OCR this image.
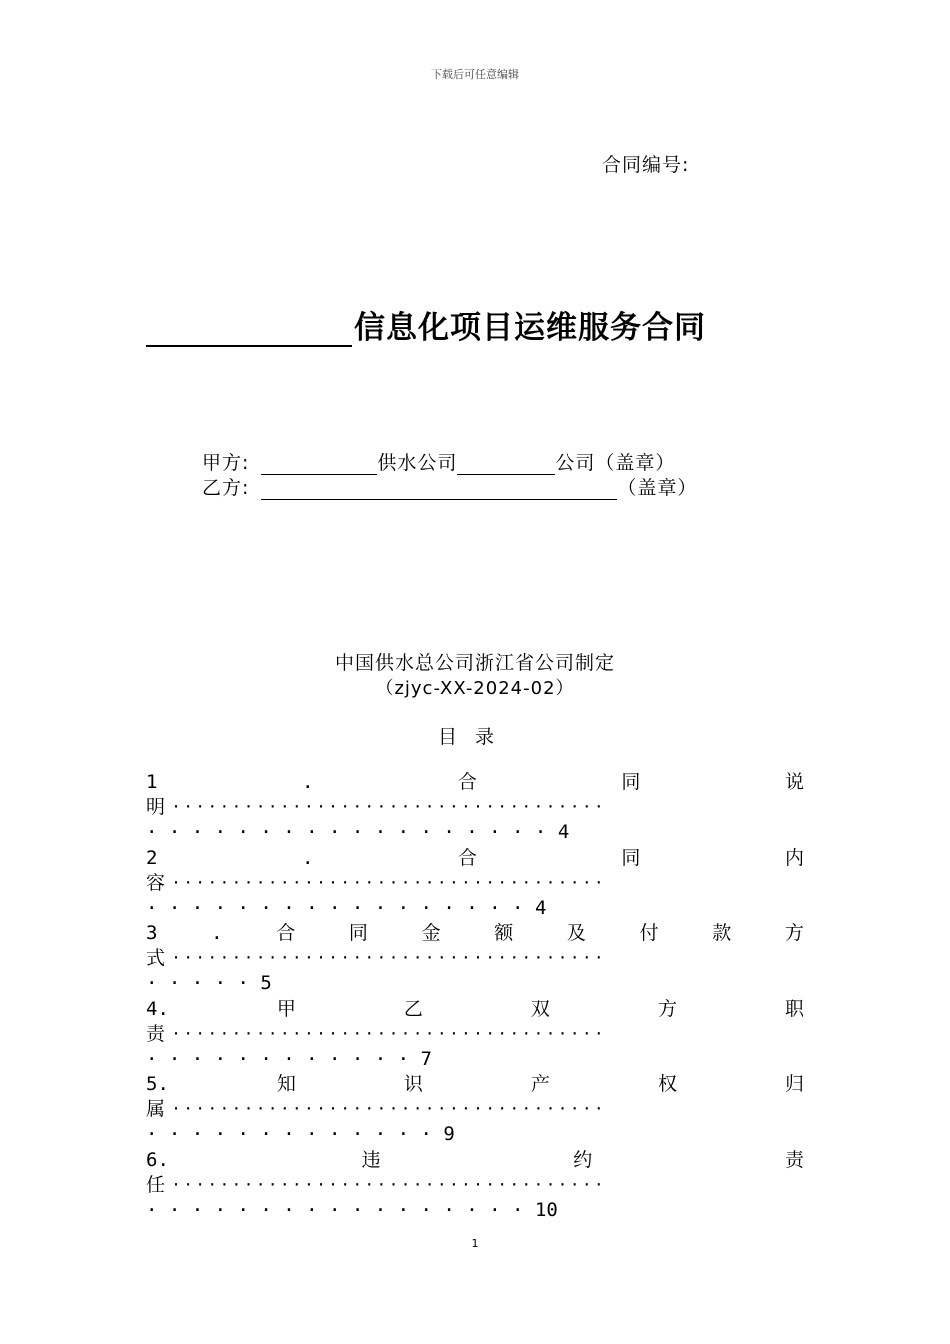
下载后可任意编辑
合同编号:
信息化项目运维服务合同
甲方:	供水公司	公司（盖章）
乙方:	（盖章）
中国供水总公司浙江省公司制定
（zjyc-XX-2024-02）
目录
1	.	合	同	说
明 · · · · · · · · · · · · · · · · · · · · · · · · · · · · · · · · · · · ·
· · · · · · · · · · · · · · · · · · 4
2	.	合	同	内
容 · · · · · · · · · · · · · · · · · · · · · · · · · · · · · · · · · · · ·
· · · · · · · · · · · · · · · · · 4
3	.	合	同	金	额	及	付	款	方
式 · · · · · · · · · · · · · · · · · · · · · · · · · · · · · · · · · · · ·
· · · · · 5
4.	甲	乙	双	方	职
责 · · · · · · · · · · · · · · · · · · · · · · · · · · · · · · · · · · · ·
· · · · · · · · · · · · 7
5.	知	识	产	权	归
属 · · · · · · · · · · · · · · · · · · · · · · · · · · · · · · · · · · · ·
· · · · · · · · · · · · · 9
6.	违	约	责
任 · · · · · · · · · · · · · · · · · · · · · · · · · · · · · · · · · · · ·
· · · · · · · · · · · · · · · · · 10
1
